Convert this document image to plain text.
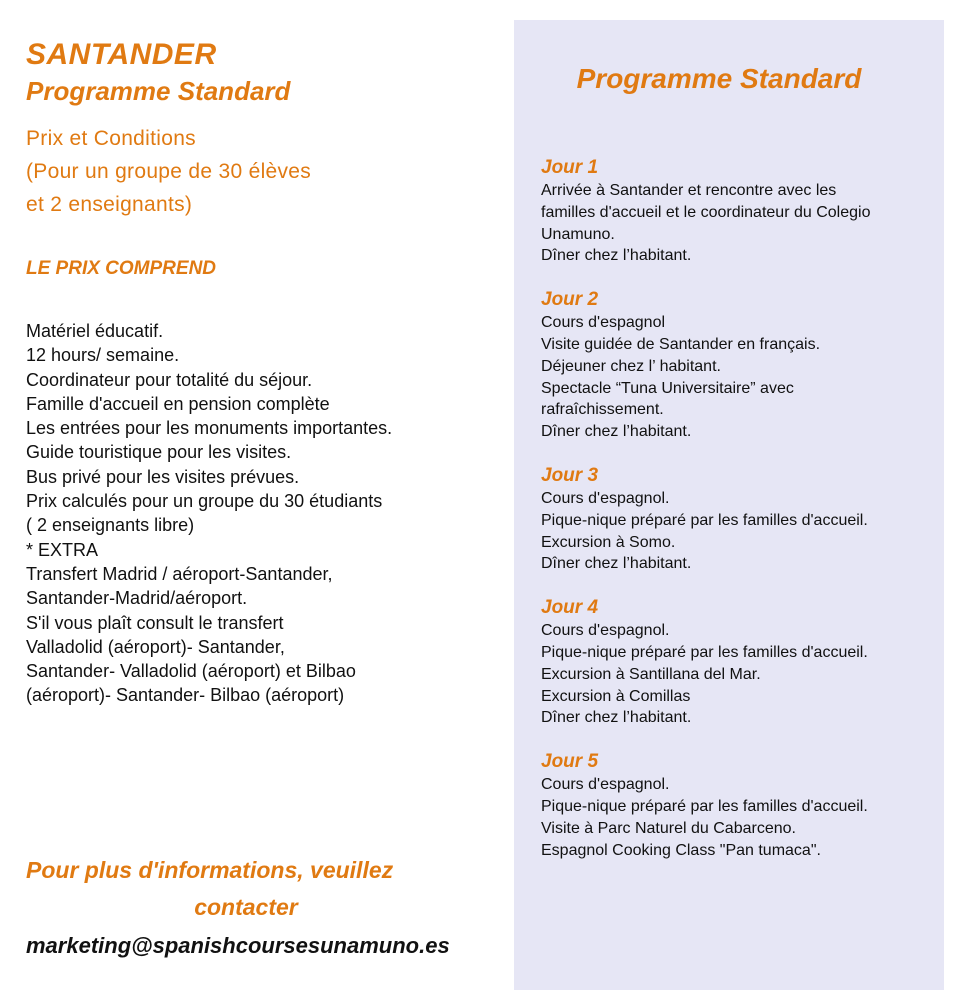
SANTANDER
Programme Standard
Prix et Conditions
(Pour un groupe de 30 élèves
et 2 enseignants)
LE PRIX COMPREND
Matériel éducatif.
12 hours/ semaine.
Coordinateur pour totalité du séjour.
Famille d'accueil en pension complète
Les entrées pour les monuments importantes.
Guide touristique pour les visites.
Bus privé pour les visites prévues.
Prix calculés pour un groupe du 30 étudiants
( 2 enseignants libre)
* EXTRA
Transfert Madrid / aéroport-Santander,
Santander-Madrid/aéroport.
S'il vous plaît consult le transfert
Valladolid (aéroport)- Santander,
Santander- Valladolid (aéroport) et Bilbao
(aéroport)- Santander- Bilbao (aéroport)
Pour plus d'informations, veuillez
contacter
marketing@spanishcoursesunamuno.es
Programme Standard
Jour 1
Arrivée à Santander et rencontre avec les
familles d'accueil et le coordinateur du Colegio
Unamuno.
Dîner chez l’habitant.
Jour 2
Cours d'espagnol
Visite guidée de Santander en français.
Déjeuner chez l’ habitant.
Spectacle “Tuna Universitaire” avec
rafraîchissement.
Dîner chez l’habitant.
Jour 3
Cours d'espagnol.
Pique-nique préparé par les familles d'accueil.
Excursion à Somo.
Dîner chez l’habitant.
Jour 4
Cours d'espagnol.
Pique-nique préparé par les familles d'accueil.
Excursion à Santillana del Mar.
Excursion à Comillas
Dîner chez l’habitant.
Jour 5
Cours d'espagnol.
Pique-nique préparé par les familles d'accueil.
Visite à Parc Naturel du Cabarceno.
Espagnol Cooking Class "Pan tumaca".
